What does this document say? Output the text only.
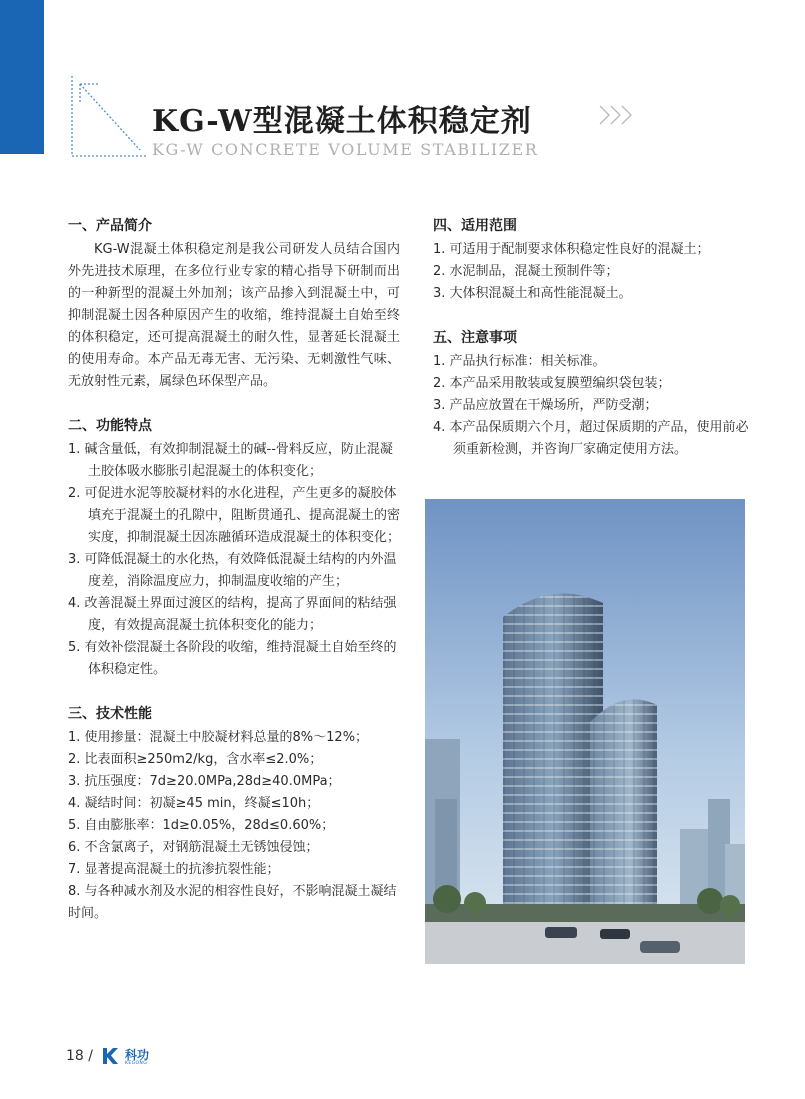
KG-W型混凝土体积稳定剂
KG-W CONCRETE VOLUME STABILIZER
一、产品简介

KG-W混凝土体积稳定剂是我公司研发人员结合国内外先进技术原理，在多位行业专家的精心指导下研制而出的一种新型的混凝土外加剂；该产品掺入到混凝土中，可抑制混凝土因各种原因产生的收缩，维持混凝土自始至终的体积稳定，还可提高混凝土的耐久性，显著延长混凝土的使用寿命。本产品无毒无害、无污染、无刺激性气味、无放射性元素，属绿色环保型产品。

二、功能特点

1. 碱含量低，有效抑制混凝土的碱--骨料反应，防止混凝土胶体吸水膨胀引起混凝土的体积变化；

2. 可促进水泥等胶凝材料的水化进程，产生更多的凝胶体填充于混凝土的孔隙中，阻断贯通孔、提高混凝土的密实度，抑制混凝土因冻融循环造成混凝土的体积变化；

3. 可降低混凝土的水化热，有效降低混凝土结构的内外温度差，消除温度应力，抑制温度收缩的产生；

4. 改善混凝土界面过渡区的结构，提高了界面间的粘结强度，有效提高混凝土抗体积变化的能力；

5. 有效补偿混凝土各阶段的收缩，维持混凝土自始至终的体积稳定性。

三、技术性能

1. 使用掺量：混凝土中胶凝材料总量的8%～12%；

2. 比表面积≥250m2/kg，含水率≤2.0%；

3. 抗压强度：7d≥20.0MPa,28d≥40.0MPa；

4. 凝结时间：初凝≥45 min，终凝≤10h；

5. 自由膨胀率：1d≥0.05%，28d≤0.60%；

6. 不含氯离子，对钢筋混凝土无锈蚀侵蚀；

7. 显著提高混凝土的抗渗抗裂性能；

8. 与各种减水剂及水泥的相容性良好，不影响混凝土凝结时间。

四、适用范围

1. 可适用于配制要求体积稳定性良好的混凝土；

2. 水泥制品，混凝土预制件等；

3. 大体积混凝土和高性能混凝土。

五、注意事项

1. 产品执行标准：相关标准。

2. 本产品采用散装或复膜塑编织袋包装；

3. 产品应放置在干燥场所，严防受潮；

4. 本产品保质期六个月，超过保质期的产品，使用前必须重新检测，并咨询厂家确定使用方法。

18 /	科功
KEGONG
